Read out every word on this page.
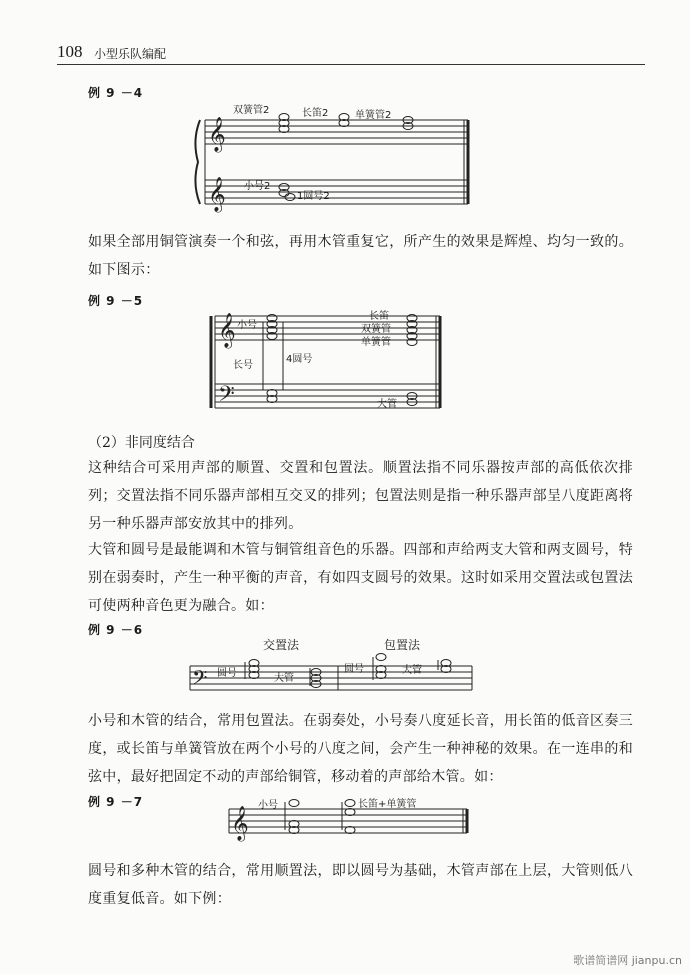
108 小型乐队编配
例 9 －4
𝄞
𝄞
双簧管2	长笛2	单簧管2
小号2
1圆号2

如果全部用铜管演奏一个和弦，再用木管重复它，所产生的效果是辉煌、均匀一致的。如下图示：

例 9 －5
𝄞
𝄢
小号
长笛
双簧管
单簧管
长号
4圆号
大管
（2）非同度结合

这种结合可采用声部的顺置、交置和包置法。顺置法指不同乐器按声部的高低依次排列；交置法指不同乐器声部相互交叉的排列；包置法则是指一种乐器声部呈八度距离将另一种乐器声部安放其中的排列。

大管和圆号是最能调和木管与铜管组音色的乐器。四部和声给两支大管和两支圆号，特别在弱奏时，产生一种平衡的声音，有如四支圆号的效果。这时如采用交置法或包置法可使两种音色更为融合。如：

例 9 －6
交置法	包置法
𝄢 圆号	大管
圆号	大管

小号和木管的结合，常用包置法。在弱奏处，小号奏八度延长音，用长笛的低音区奏三度，或长笛与单簧管放在两个小号的八度之间，会产生一种神秘的效果。在一连串的和弦中，最好把固定不动的声部给铜管，移动着的声部给木管。如：

例 9 －7
𝄞
小号	长笛+单簧管

圆号和多种木管的结合，常用顺置法，即以圆号为基础，木管声部在上层，大管则低八度重复低音。如下例：

歌谱简谱网 jianpu.cn
